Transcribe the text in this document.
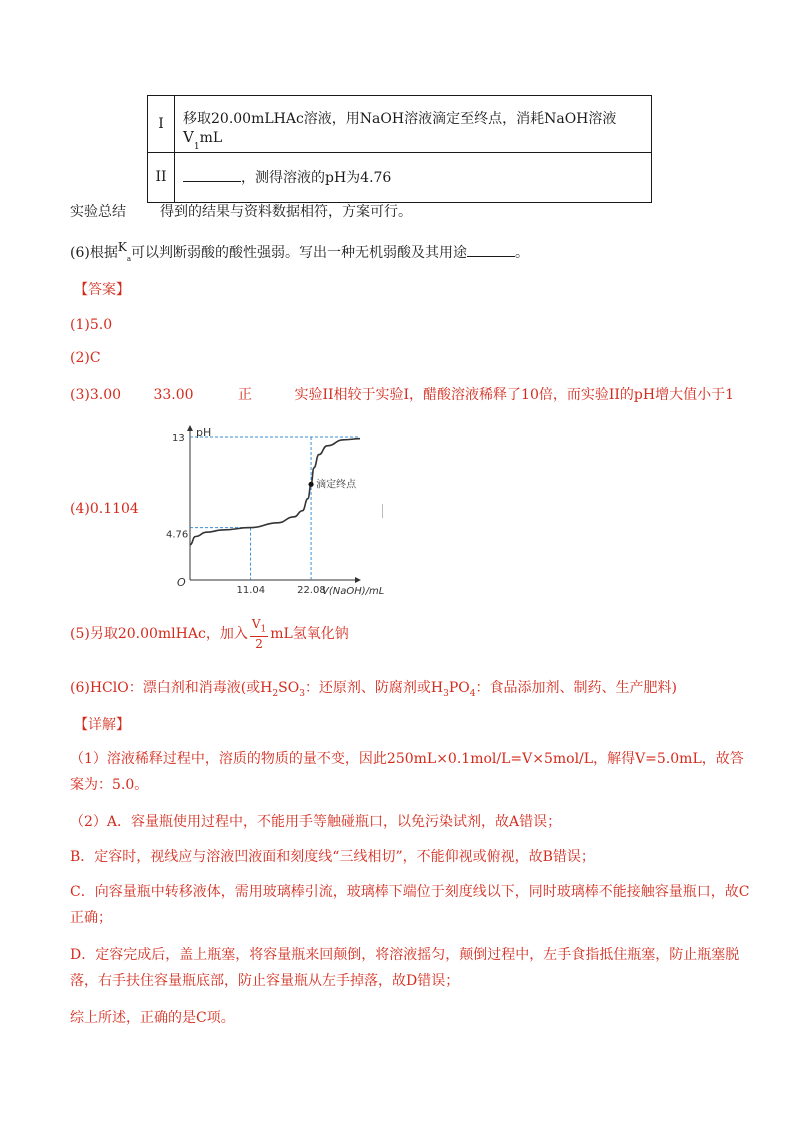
I	移取20.00mLHAc溶液，用NaOH溶液滴定至终点，消耗NaOH溶液$V_1mL$
II	，测得溶液的pH为4.76
实验总结 得到的结果与资料数据相符，方案可行。
(6)根据$K_a$可以判断弱酸的酸性强弱。写出一种无机弱酸及其用途	。
【答案】
(1)5.0
(2)C
(3)3.00 33.00	正	实验II相较于实验I，醋酸溶液稀释了10倍，而实验II的pH增大值小于1
(4)0.1104
pH
V(NaOH)/mL
O
13
4.76
11.04	22.08
滴定终点
(5)另取20.00mlHAc，加入 $\frac{V_1}{2}$ mL氢氧化钠
(6)HClO：漂白剂和消毒液(或$H_2SO_3$：还原剂、防腐剂或$H_3PO_4$：食品添加剂、制药、生产肥料)
【详解】
（1）溶液稀释过程中，溶质的物质的量不变，因此250mL×0.1mol/L=V×5mol/L，解得V=5.0mL，故答案为：5.0。
（2）A．容量瓶使用过程中，不能用手等触碰瓶口，以免污染试剂，故A错误；
B．定容时，视线应与溶液凹液面和刻度线“三线相切”，不能仰视或俯视，故B错误；
C．向容量瓶中转移液体，需用玻璃棒引流，玻璃棒下端位于刻度线以下，同时玻璃棒不能接触容量瓶口，故C正确；
D．定容完成后，盖上瓶塞，将容量瓶来回颠倒，将溶液摇匀，颠倒过程中，左手食指抵住瓶塞，防止瓶塞脱落，右手扶住容量瓶底部，防止容量瓶从左手掉落，故D错误；
综上所述，正确的是C项。
